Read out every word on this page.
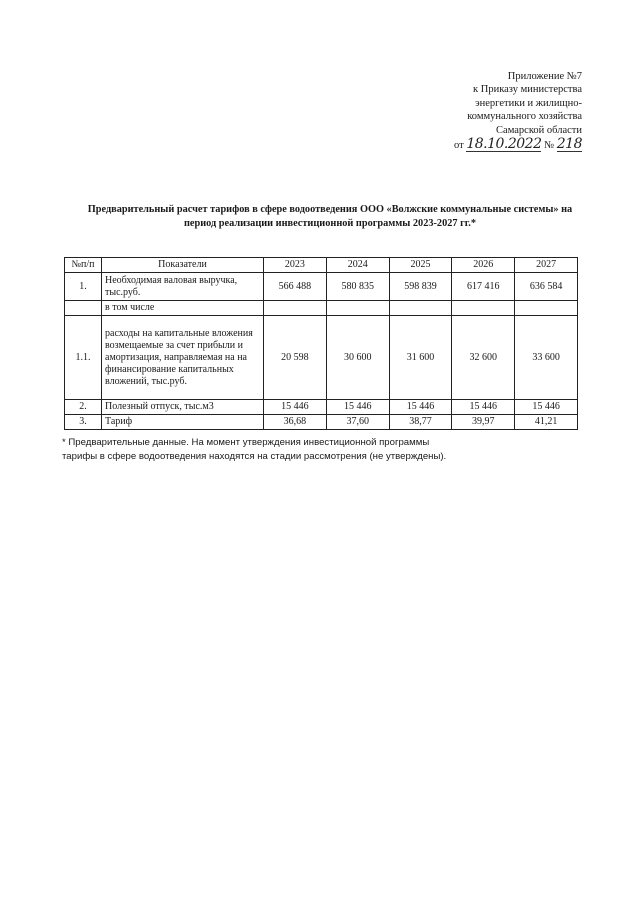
Приложение №7
к Приказу министерства
энергетики и жилищно-
коммунального хозяйства
Самарской области
от 18.10.2022 № 218
Предварительный расчет тарифов в сфере водоотведения ООО «Волжские коммунальные системы» на
период реализации инвестиционной программы 2023-2027 гг.*
№п/п	Показатели	2023	2024	2025	2026	2027
1.	Необходимая валовая выручка, тыс.руб.	566 488	580 835	598 839	617 416	636 584
	в том числе					
1.1.	расходы на капитальные вложения возмещаемые за счет прибыли и амортизация, направляемая на на финансирование капитальных вложений, тыс.руб.	20 598	30 600	31 600	32 600	33 600
2.	Полезный отпуск, тыс.м3	15 446	15 446	15 446	15 446	15 446
3.	Тариф	36,68	37,60	38,77	39,97	41,21
* Предварительные данные. На момент утверждения инвестиционной программы
тарифы в сфере водоотведения находятся на стадии рассмотрения (не утверждены).
